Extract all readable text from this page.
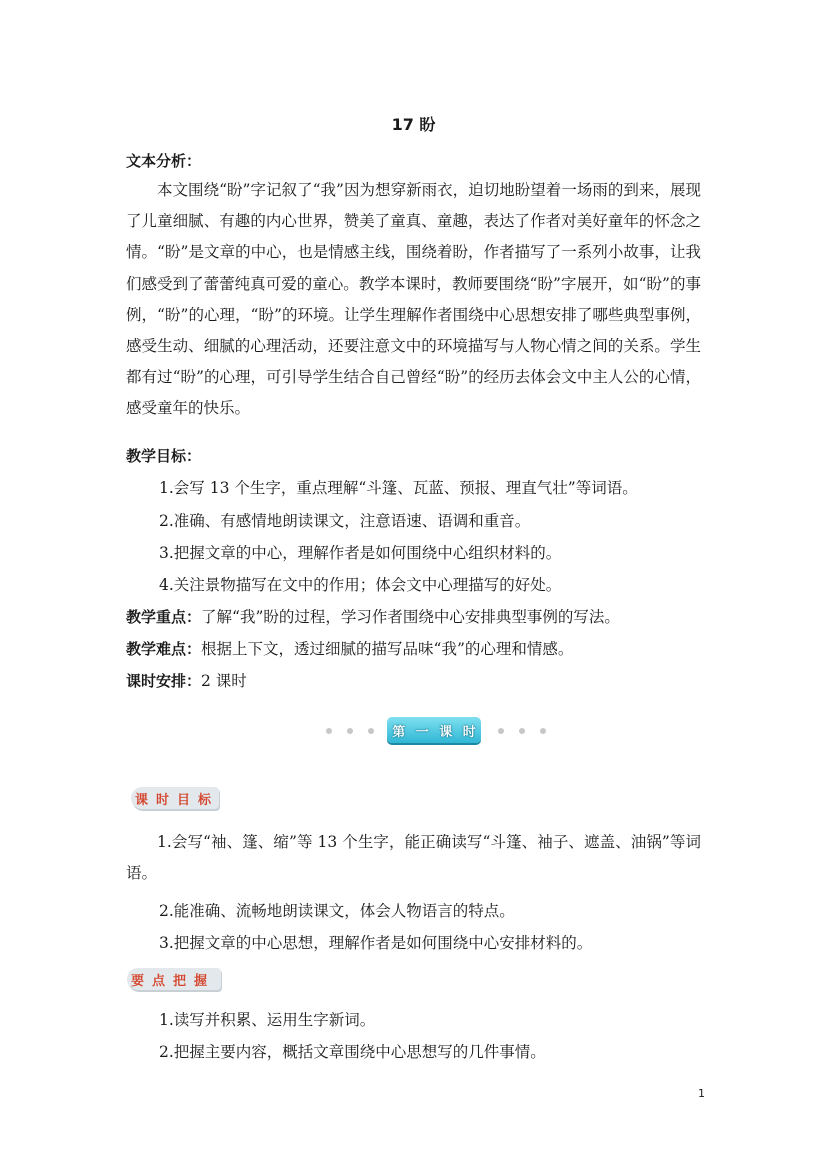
17 盼
文本分析：
本文围绕“盼”字记叙了“我”因为想穿新雨衣，迫切地盼望着一场雨的到来，展现了儿童细腻、有趣的内心世界，赞美了童真、童趣，表达了作者对美好童年的怀念之情。“盼”是文章的中心，也是情感主线，围绕着盼，作者描写了一系列小故事，让我们感受到了蕾蕾纯真可爱的童心。教学本课时，教师要围绕“盼”字展开，如“盼”的事例，“盼”的心理，“盼”的环境。让学生理解作者围绕中心思想安排了哪些典型事例，感受生动、细腻的心理活动，还要注意文中的环境描写与人物心情之间的关系。学生都有过“盼”的心理，可引导学生结合自己曾经“盼”的经历去体会文中主人公的心情，感受童年的快乐。
教学目标：
1.会写 13 个生字，重点理解“斗篷、瓦蓝、预报、理直气壮”等词语。
2.准确、有感情地朗读课文，注意语速、语调和重音。
3.把握文章的中心，理解作者是如何围绕中心组织材料的。
4.关注景物描写在文中的作用；体会文中心理描写的好处。
教学重点：了解“我”盼的过程，学习作者围绕中心安排典型事例的写法。
教学难点：根据上下文，透过细腻的描写品味“我”的心理和情感。
课时安排：2 课时
第 一 课 时
课 时 目 标
1.会写“袖、篷、缩”等 13 个生字，能正确读写“斗篷、袖子、遮盖、油锅”等词语。
2.能准确、流畅地朗读课文，体会人物语言的特点。
3.把握文章的中心思想，理解作者是如何围绕中心安排材料的。
要 点 把 握
1.读写并积累、运用生字新词。
2.把握主要内容，概括文章围绕中心思想写的几件事情。
1
